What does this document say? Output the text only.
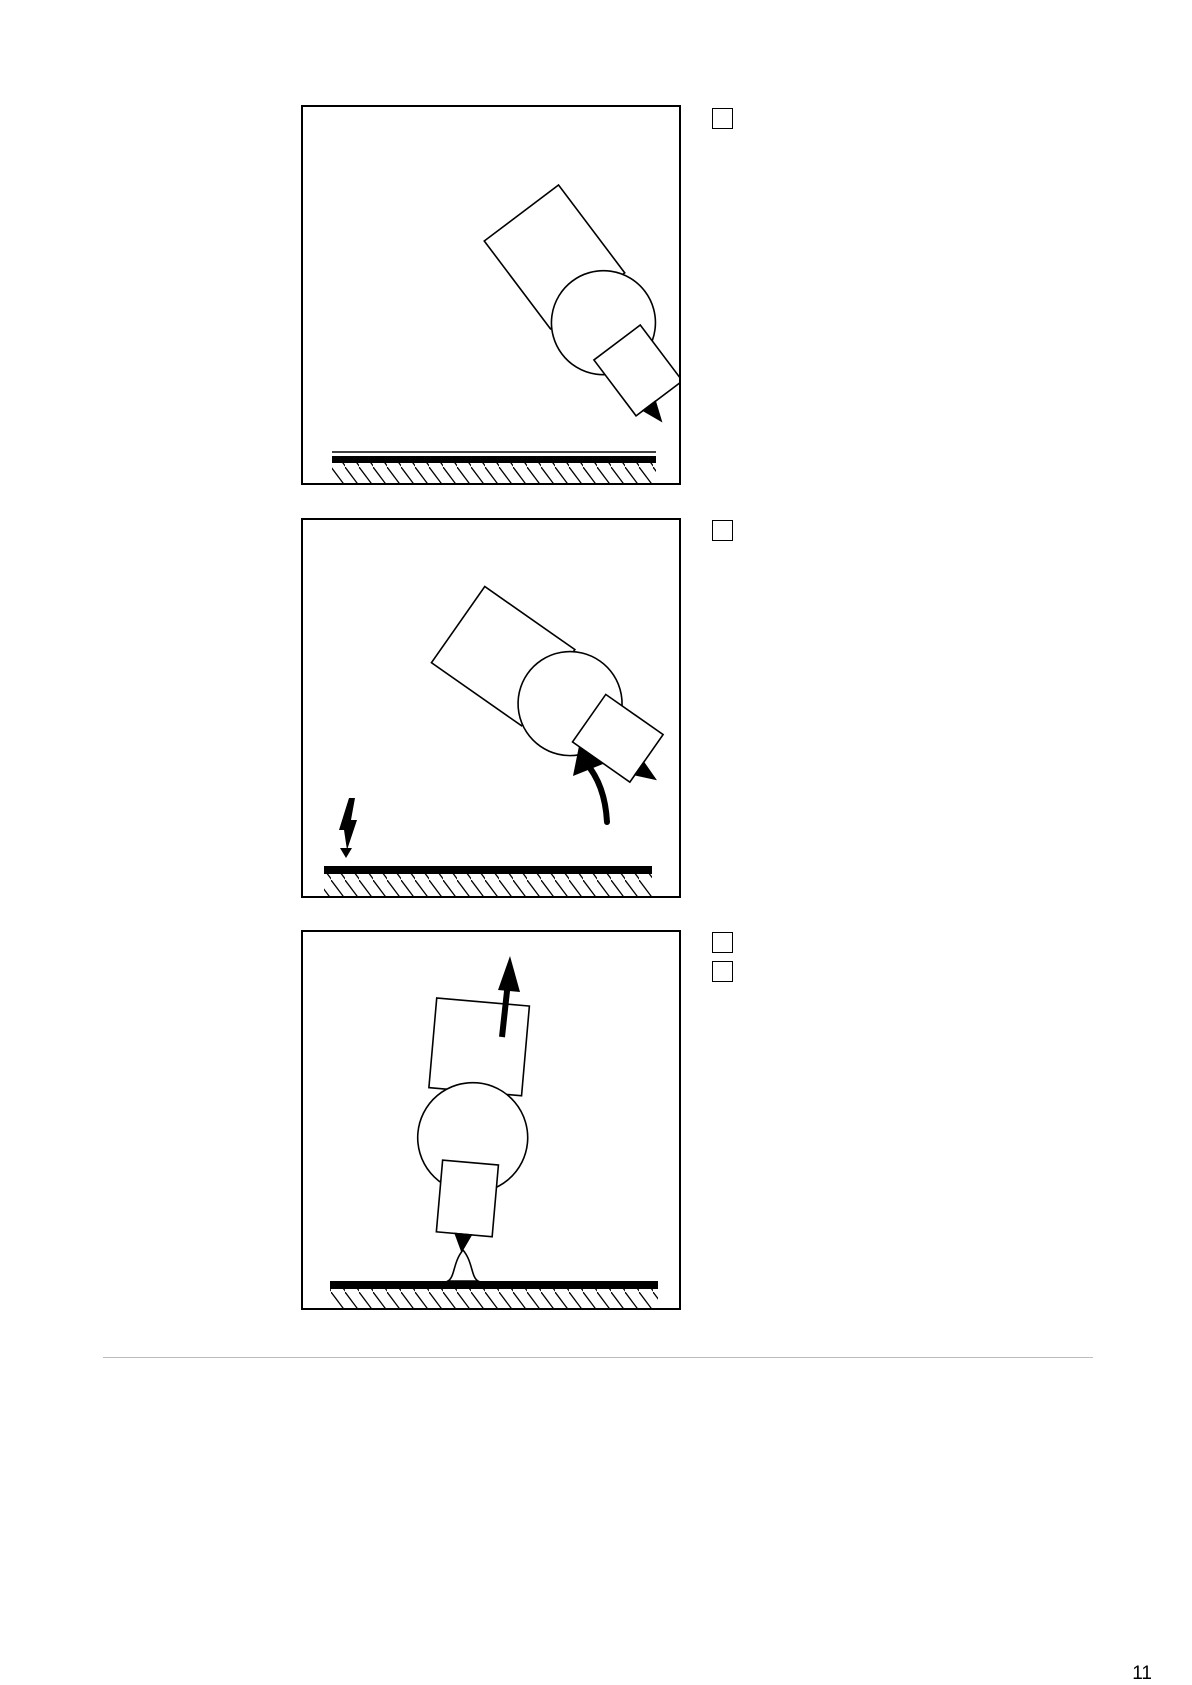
11
